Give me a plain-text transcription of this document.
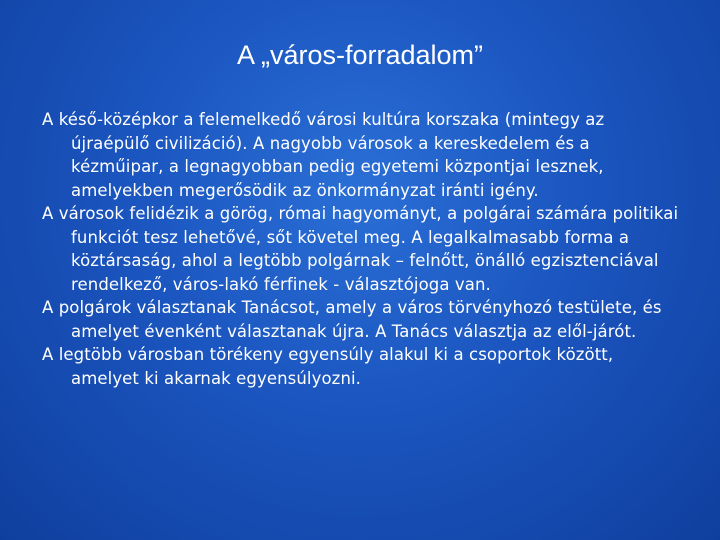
A „város-forradalom”

A késő-középkor a felemelkedő városi kultúra korszaka (mintegy az újraépülő civilizáció). A nagyobb városok a kereskedelem és a kézműipar, a legnagyobban pedig egyetemi központjai lesznek, amelyekben megerősödik az önkormányzat iránti igény.

A városok felidézik a görög, római hagyományt, a polgárai számára politikai funkciót tesz lehetővé, sőt követel meg. A legalkalmasabb forma a köztársaság, ahol a legtöbb polgárnak – felnőtt, önálló egzisztenciával rendelkező, város-lakó férfinek - választójoga van.

A polgárok választanak Tanácsot, amely a város törvényhozó testülete, és amelyet évenként választanak újra. A Tanács választja az elől-járót.

A legtöbb városban törékeny egyensúly alakul ki a csoportok között, amelyet ki akarnak egyensúlyozni.
